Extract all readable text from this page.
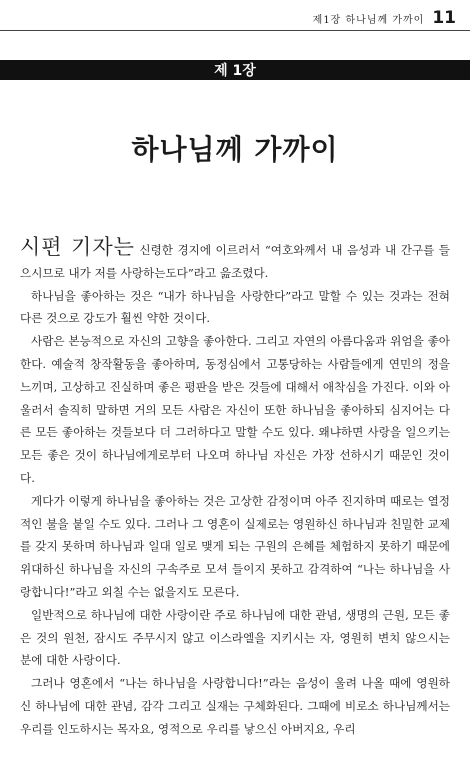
제1장 하나님께 가까이 11
제 1장
하나님께 가까이

시편 기자는 신령한 경지에 이르러서 “여호와께서 내 음성과 내 간구를 들으시므로 내가 저를 사랑하는도다”라고 읊조렸다.

하나님을 좋아하는 것은 “내가 하나님을 사랑한다”라고 말할 수 있는 것과는 전혀 다른 것으로 강도가 훨씬 약한 것이다.

사람은 본능적으로 자신의 고향을 좋아한다. 그리고 자연의 아름다움과 위엄을 좋아한다. 예술적 창작활동을 좋아하며, 동정심에서 고통당하는 사람들에게 연민의 정을 느끼며, 고상하고 진실하며 좋은 평판을 받은 것들에 대해서 애착심을 가진다. 이와 아울러서 솔직히 말하면 거의 모든 사람은 자신이 또한 하나님을 좋아하되 심지어는 다른 모든 좋아하는 것들보다 더 그러하다고 말할 수도 있다. 왜냐하면 사랑을 일으키는 모든 좋은 것이 하나님에게로부터 나오며 하나님 자신은 가장 선하시기 때문인 것이다.

게다가 이렇게 하나님을 좋아하는 것은 고상한 감정이며 아주 진지하며 때로는 열정적인 불을 붙일 수도 있다. 그러나 그 영혼이 실제로는 영원하신 하나님과 친밀한 교제를 갖지 못하며 하나님과 일대 일로 맺게 되는 구원의 은혜를 체험하지 못하기 때문에 위대하신 하나님을 자신의 구속주로 모셔 들이지 못하고 감격하여 “나는 하나님을 사랑합니다!”라고 외칠 수는 없을지도 모른다.

일반적으로 하나님에 대한 사랑이란 주로 하나님에 대한 관념, 생명의 근원, 모든 좋은 것의 원천, 잠시도 주무시지 않고 이스라엘을 지키시는 자, 영원히 변치 않으시는 분에 대한 사랑이다.

그러나 영혼에서 “나는 하나님을 사랑합니다!”라는 음성이 울려 나올 때에 영원하신 하나님에 대한 관념, 감각 그리고 실재는 구체화된다. 그때에 비로소 하나님께서는 우리를 인도하시는 목자요, 영적으로 우리를 낳으신 아버지요, 우리
